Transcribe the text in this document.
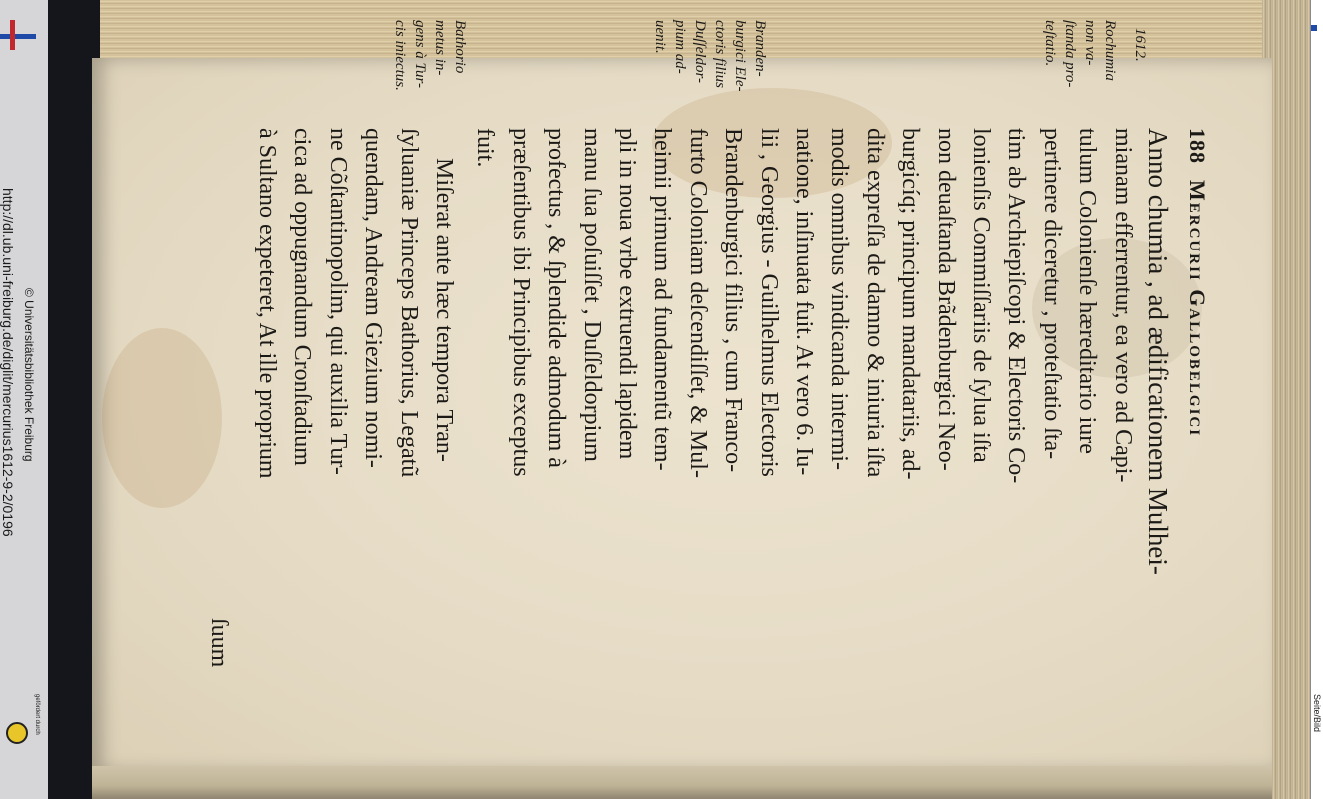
http://dl.ub.uni-freiburg.de/diglit/mercurius1612-9-2/0196 © Universitätsbibliothek Freiburg
gefördert durch	Seite/Bild
188
Mercurii Gallobelgici
Anno chumia , ad ædificationem Mulhei-
mianam efferrentur, ea vero ad Capi-
tulum Colonienſe hæreditario iure
pertinere diceretur , proteſtatio ſta-
tim ab Archiepiſcopi & Electoris Co-
lonienſis Commiſſariis de ſylua iſta
non deuaſtanda Brãdenburgici Neo-
burgicíq; principum mandatariis, ad-
dita expreſſa de damno & iniuria iſta
modis omnibus vindicanda intermi-
natione, inſinuata fuit. At vero 6. Iu-
lii , Georgius - Guilhelmus Electoris
Brandenburgici filius , cum Franco-
furto Coloniam deſcendiſſet, & Mul-
heimii primum ad fundamentũ tem-
pli in noua vrbe extruendi lapidem
manu ſua poſuiſſet , Duſſeldorpium
profectus , & ſplendide admodum à
præſentibus ibi Principibus exceptus
fuit.
Miſerat ante hæc tempora Tran-
ſyluaniæ Princeps Bathorius, Legatũ
quendam, Andream Giezium nomi-
ne Cõſtantinopolim, qui auxilia Tur-
cica ad oppugnandum Cronſtadium
à Sultano expeteret, At ille proprium
ſuum
1612.
Rochumia
non va-
ſtanda pro-
teſtatio.
Branden-
burgici Ele-
ctoris filius
Duſſeldor-
pium ad-
uenit.
Bathorio
metus in-
gens à Tur-
cis iniectus.
